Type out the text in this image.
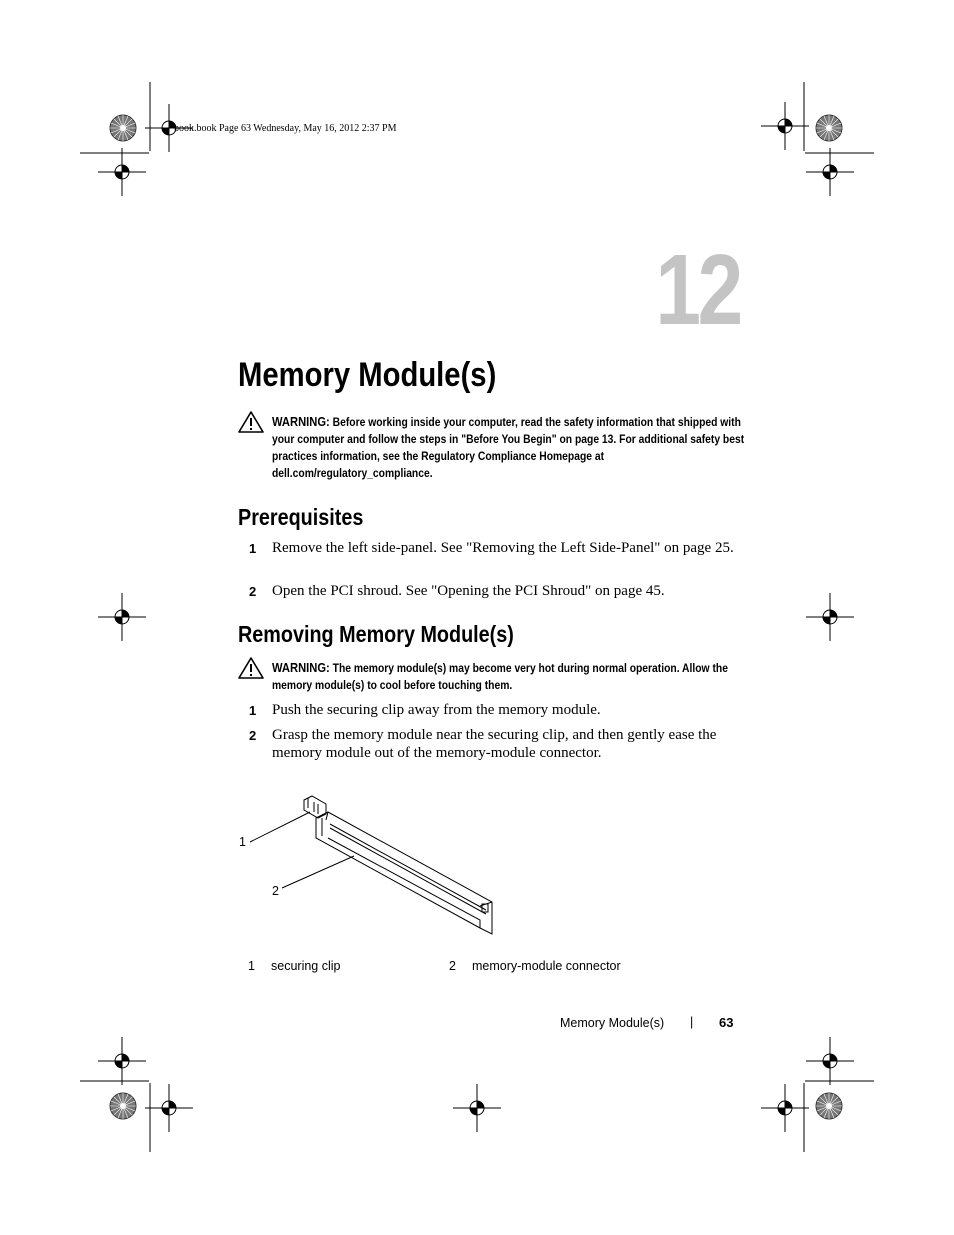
book.book Page 63 Wednesday, May 16, 2012 2:37 PM
12
Memory Module(s)
WARNING: Before working inside your computer, read the safety information that shipped with your computer and follow the steps in "Before You Begin" on page 13. For additional safety best practices information, see the Regulatory Compliance Homepage at dell.com/regulatory_compliance.
Prerequisites
1 Remove the left side-panel. See "Removing the Left Side-Panel" on page 25.
2 Open the PCI shroud. See "Opening the PCI Shroud" on page 45.
Removing Memory Module(s)
WARNING: The memory module(s) may become very hot during normal operation. Allow the memory module(s) to cool before touching them.
1 Push the securing clip away from the memory module.
2 Grasp the memory module near the securing clip, and then gently ease the memory module out of the memory-module connector.
1
2
1 securing clip	2 memory-module connector
Memory Module(s) | 63
